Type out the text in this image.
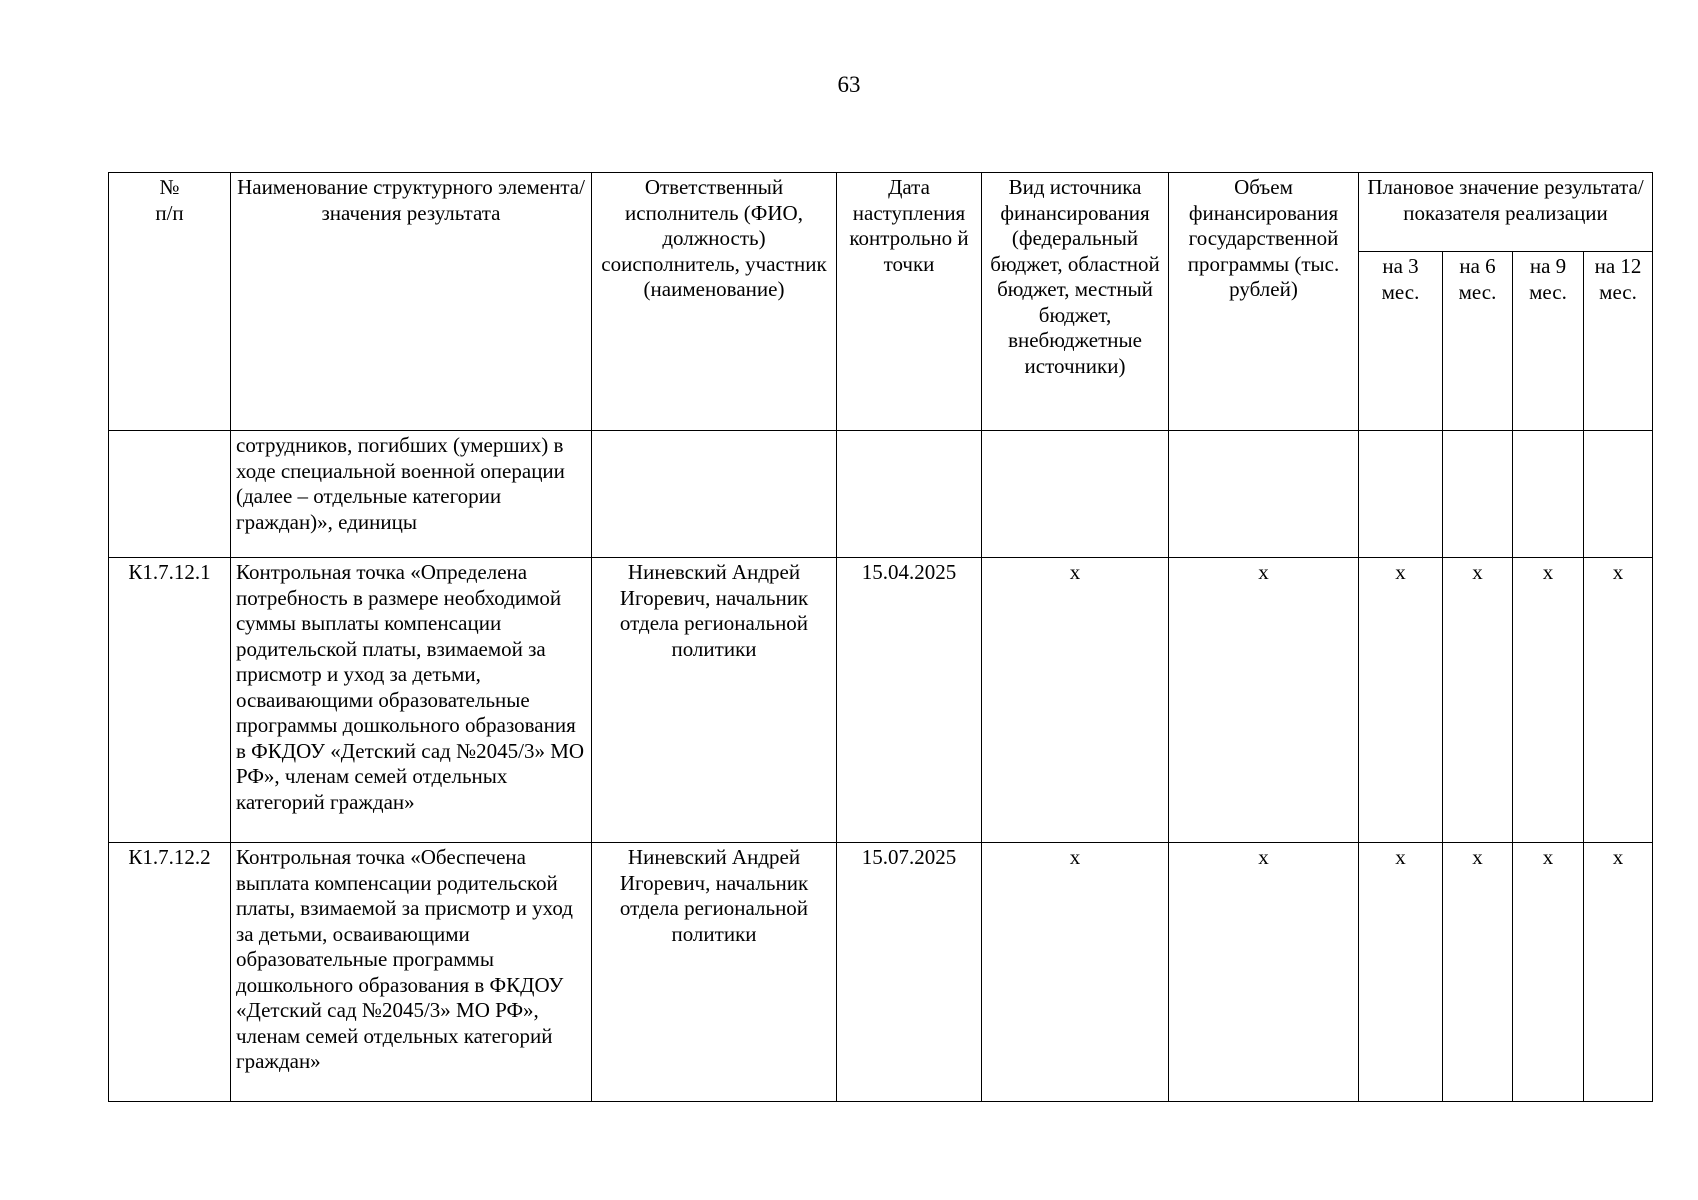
63
№
п/п	Наименование структурного элемента/ значения результата	Ответственный исполнитель (ФИО, должность) соисполнитель, участник (наименование)	Дата наступления контрольно й точки	Вид источника финансирования (федеральный бюджет, областной бюджет, местный бюджет, внебюджетные источники)	Объем финансирования государственной программы (тыс. рублей)	Плановое значение результата/показателя реализации			
						на 3 мес.	на 6 мес.	на 9 мес.	на 12 мес.
	сотрудников, погибших (умерших) в ходе специальной военной операции (далее – отдельные категории граждан)», единицы								
К1.7.12.1	Контрольная точка «Определена потребность в размере необходимой суммы выплаты компенсации родительской платы, взимаемой за присмотр и уход за детьми, осваивающими образовательные программы дошкольного образования в ФКДОУ «Детский сад №2045/3» МО РФ», членам семей отдельных категорий граждан»	Ниневский Андрей Игоревич, начальник отдела региональной политики	15.04.2025	х	х	х	х	х	х
К1.7.12.2	Контрольная точка «Обеспечена выплата компенсации родительской платы, взимаемой за присмотр и уход за детьми, осваивающими образовательные программы дошкольного образования в ФКДОУ «Детский сад №2045/3» МО РФ», членам семей отдельных категорий граждан»	Ниневский Андрей Игоревич, начальник отдела региональной политики	15.07.2025	х	х	х	х	х	х
